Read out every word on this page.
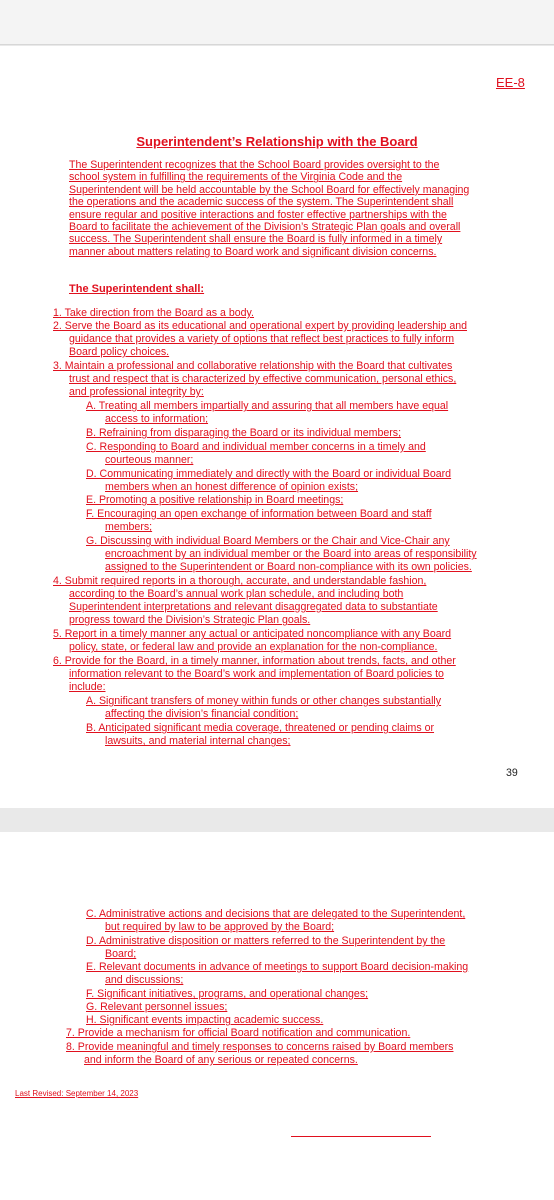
EE-8
Superintendent’s Relationship with the Board
The Superintendent recognizes that the School Board provides oversight to the
school system in fulfilling the requirements of the Virginia Code and the
Superintendent will be held accountable by the School Board for effectively managing
the operations and the academic success of the system. The Superintendent shall
ensure regular and positive interactions and foster effective partnerships with the
Board to facilitate the achievement of the Division’s Strategic Plan goals and overall
success. The Superintendent shall ensure the Board is fully informed in a timely
manner about matters relating to Board work and significant division concerns.
The Superintendent shall:
1. Take direction from the Board as a body.
2. Serve the Board as its educational and operational expert by providing leadership and
guidance that provides a variety of options that reflect best practices to fully inform
Board policy choices.
3. Maintain a professional and collaborative relationship with the Board that cultivates
trust and respect that is characterized by effective communication, personal ethics,
and professional integrity by:
A. Treating all members impartially and assuring that all members have equal
access to information;
B. Refraining from disparaging the Board or its individual members;
C. Responding to Board and individual member concerns in a timely and
courteous manner;
D. Communicating immediately and directly with the Board or individual Board
members when an honest difference of opinion exists;
E. Promoting a positive relationship in Board meetings;
F. Encouraging an open exchange of information between Board and staff
members;
G. Discussing with individual Board Members or the Chair and Vice-Chair any
encroachment by an individual member or the Board into areas of responsibility
assigned to the Superintendent or Board non-compliance with its own policies.
4. Submit required reports in a thorough, accurate, and understandable fashion,
according to the Board’s annual work plan schedule, and including both
Superintendent interpretations and relevant disaggregated data to substantiate
progress toward the Division’s Strategic Plan goals.
5. Report in a timely manner any actual or anticipated noncompliance with any Board
policy, state, or federal law and provide an explanation for the non-compliance.
6. Provide for the Board, in a timely manner, information about trends, facts, and other
information relevant to the Board’s work and implementation of Board policies to
include:
A. Significant transfers of money within funds or other changes substantially
affecting the division’s financial condition;
B. Anticipated significant media coverage, threatened or pending claims or
lawsuits, and material internal changes;
39
C. Administrative actions and decisions that are delegated to the Superintendent,
but required by law to be approved by the Board;
D. Administrative disposition or matters referred to the Superintendent by the
Board;
E. Relevant documents in advance of meetings to support Board decision-making
and discussions;
F. Significant initiatives, programs, and operational changes;
G. Relevant personnel issues;
H. Significant events impacting academic success.
7. Provide a mechanism for official Board notification and communication.
8. Provide meaningful and timely responses to concerns raised by Board members
and inform the Board of any serious or repeated concerns.
Last Revised: September 14, 2023
